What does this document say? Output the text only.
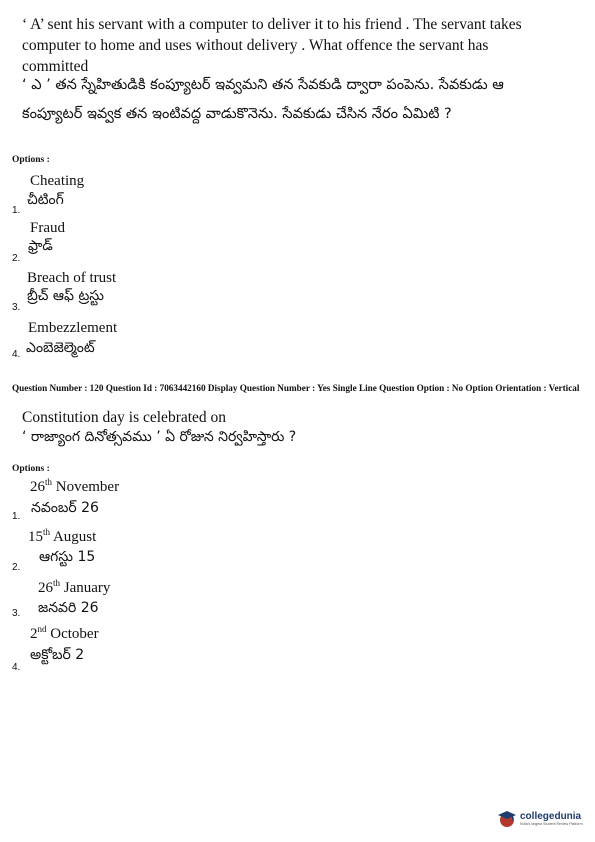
‘ A’ sent his servant with a computer to deliver it to his friend . The servant takes computer to home and uses without delivery . What offence the servant has committed
‘ ఎ ’ తన స్నేహితుడికి కంప్యూటర్ ఇవ్వమని తన సేవకుడి ద్వారా పంపెను. సేవకుడు ఆ కంప్యూటర్ ఇవ్వక తన ఇంటివద్ద వాడుకొనెను. సేవకుడు చేసిన నేరం ఏమిటి ?
Options :
Cheating
చీటింగ్
1.
Fraud
ఫ్రాడ్
2.
Breach of trust
బ్రీచ్ ఆఫ్ ట్రస్టు
3.
Embezzlement
ఎంబెజెల్మెంట్
4.
Question Number : 120 Question Id : 7063442160 Display Question Number : Yes Single Line Question Option : No Option Orientation : Vertical
Constitution day is celebrated on
‘ రాజ్యాంగ దినోత్సవము ’ ఏ రోజున నిర్వహిస్తారు ?
Options :
26th November
నవంబర్ 26
1.
15th August
ఆగస్టు 15
2.
26th January
జనవరి 26
3.
2nd October
అక్టోబర్ 2
4.
collegedunia
India's largest Student Review Platform
